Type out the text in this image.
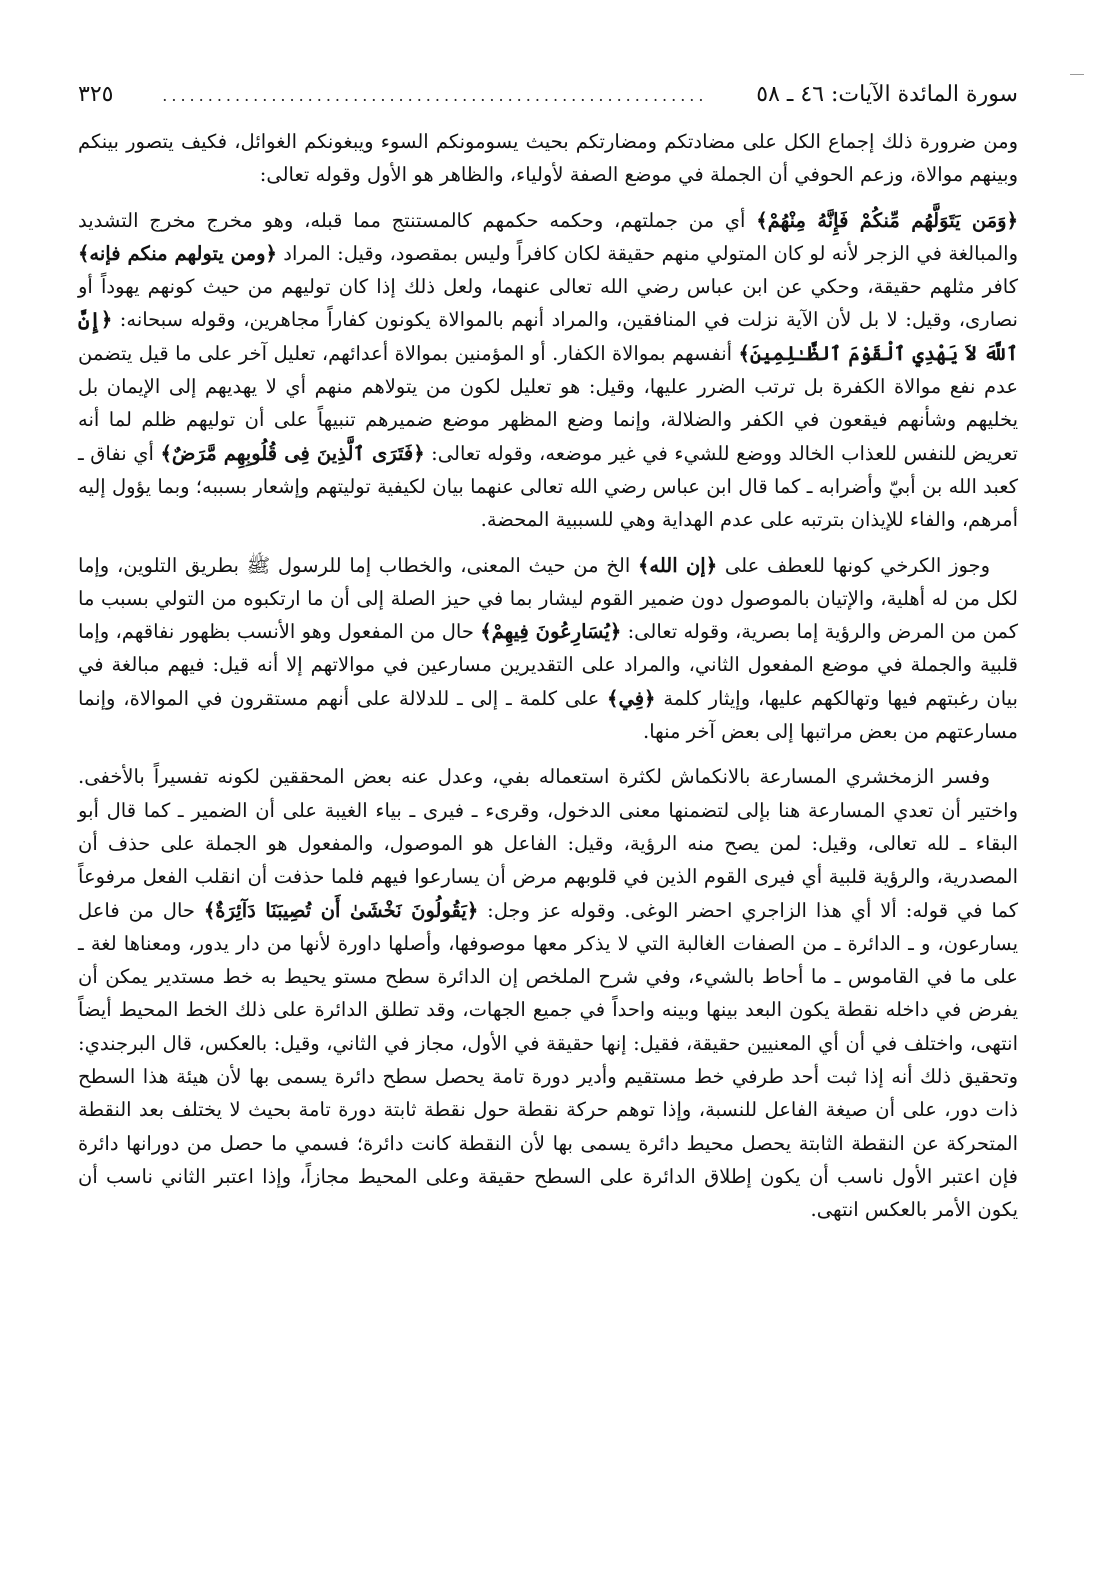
سورة المائدة الآيات: ٤٦ ـ ٥٨
............................................................
٣٢٥

ومن ضرورة ذلك إجماع الكل على مضادتكم ومضارتكم بحيث يسومونكم السوء ويبغونكم الغوائل، فكيف يتصور بينكم وبينهم موالاة، وزعم الحوفي أن الجملة في موضع الصفة لأولياء، والظاهر هو الأول وقوله تعالى:

﴿وَمَن يَتَوَلَّهُم مِّنكُمْ فَإِنَّهُ مِنْهُمْ﴾ أي من جملتهم، وحكمه حكمهم كالمستنتج مما قبله، وهو مخرج مخرج التشديد والمبالغة في الزجر لأنه لو كان المتولي منهم حقيقة لكان كافراً وليس بمقصود، وقيل: المراد ﴿ومن يتولهم منكم فإنه﴾ كافر مثلهم حقيقة، وحكي عن ابن عباس رضي الله تعالى عنهما، ولعل ذلك إذا كان توليهم من حيث كونهم يهوداً أو نصارى، وقيل: لا بل لأن الآية نزلت في المنافقين، والمراد أنهم بالموالاة يكونون كفاراً مجاهرين، وقوله سبحانه: ﴿إِنَّ ٱللَّهَ لاَ يَهْدِي ٱلْقَوْمَ ٱلظَّـٰلِمِينَ﴾ أنفسهم بموالاة الكفار. أو المؤمنين بموالاة أعدائهم، تعليل آخر على ما قيل يتضمن عدم نفع موالاة الكفرة بل ترتب الضرر عليها، وقيل: هو تعليل لكون من يتولاهم منهم أي لا يهديهم إلى الإيمان بل يخليهم وشأنهم فيقعون في الكفر والضلالة، وإنما وضع المظهر موضع ضميرهم تنبيهاً على أن توليهم ظلم لما أنه تعريض للنفس للعذاب الخالد ووضع للشيء في غير موضعه، وقوله تعالى: ﴿فَتَرَى ٱلَّذِينَ فِى قُلُوبِهِم مَّرَضٌ﴾ أي نفاق ـ كعبد الله بن أبيّ وأضرابه ـ كما قال ابن عباس رضي الله تعالى عنهما بيان لكيفية توليتهم وإشعار بسببه؛ وبما يؤول إليه أمرهم، والفاء للإيذان بترتبه على عدم الهداية وهي للسببية المحضة.

وجوز الكرخي كونها للعطف على ﴿إن الله﴾ الخ من حيث المعنى، والخطاب إما للرسول ﷺ بطريق التلوين، وإما لكل من له أهلية، والإتيان بالموصول دون ضمير القوم ليشار بما في حيز الصلة إلى أن ما ارتكبوه من التولي بسبب ما كمن من المرض والرؤية إما بصرية، وقوله تعالى: ﴿يُسَارِعُونَ فِيهِمْ﴾ حال من المفعول وهو الأنسب بظهور نفاقهم، وإما قلبية والجملة في موضع المفعول الثاني، والمراد على التقديرين مسارعين في موالاتهم إلا أنه قيل: فيهم مبالغة في بيان رغبتهم فيها وتهالكهم عليها، وإيثار كلمة ﴿فِي﴾ على كلمة ـ إلى ـ للدلالة على أنهم مستقرون في الموالاة، وإنما مسارعتهم من بعض مراتبها إلى بعض آخر منها.

وفسر الزمخشري المسارعة بالانكماش لكثرة استعماله بفي، وعدل عنه بعض المحققين لكونه تفسيراً بالأخفى. واختير أن تعدي المسارعة هنا بإلى لتضمنها معنى الدخول، وقرىء ـ فيرى ـ بياء الغيبة على أن الضمير ـ كما قال أبو البقاء ـ لله تعالى، وقيل: لمن يصح منه الرؤية، وقيل: الفاعل هو الموصول، والمفعول هو الجملة على حذف أن المصدرية، والرؤية قلبية أي فيرى القوم الذين في قلوبهم مرض أن يسارعوا فيهم فلما حذفت أن انقلب الفعل مرفوعاً كما في قوله: ألا أي هذا الزاجري احضر الوغى. وقوله عز وجل: ﴿يَقُولُونَ نَخْشَىٰ أَن تُصِيبَنَا دَآئِرَةٌ﴾ حال من فاعل يسارعون، و ـ الدائرة ـ من الصفات الغالبة التي لا يذكر معها موصوفها، وأصلها داورة لأنها من دار يدور، ومعناها لغة ـ على ما في القاموس ـ ما أحاط بالشيء، وفي شرح الملخص إن الدائرة سطح مستو يحيط به خط مستدير يمكن أن يفرض في داخله نقطة يكون البعد بينها وبينه واحداً في جميع الجهات، وقد تطلق الدائرة على ذلك الخط المحيط أيضاً انتهى، واختلف في أن أي المعنيين حقيقة، فقيل: إنها حقيقة في الأول، مجاز في الثاني، وقيل: بالعكس، قال البرجندي: وتحقيق ذلك أنه إذا ثبت أحد طرفي خط مستقيم وأدير دورة تامة يحصل سطح دائرة يسمى بها لأن هيئة هذا السطح ذات دور، على أن صيغة الفاعل للنسبة، وإذا توهم حركة نقطة حول نقطة ثابتة دورة تامة بحيث لا يختلف بعد النقطة المتحركة عن النقطة الثابتة يحصل محيط دائرة يسمى بها لأن النقطة كانت دائرة؛ فسمي ما حصل من دورانها دائرة فإن اعتبر الأول ناسب أن يكون إطلاق الدائرة على السطح حقيقة وعلى المحيط مجازاً، وإذا اعتبر الثاني ناسب أن يكون الأمر بالعكس انتهى.
